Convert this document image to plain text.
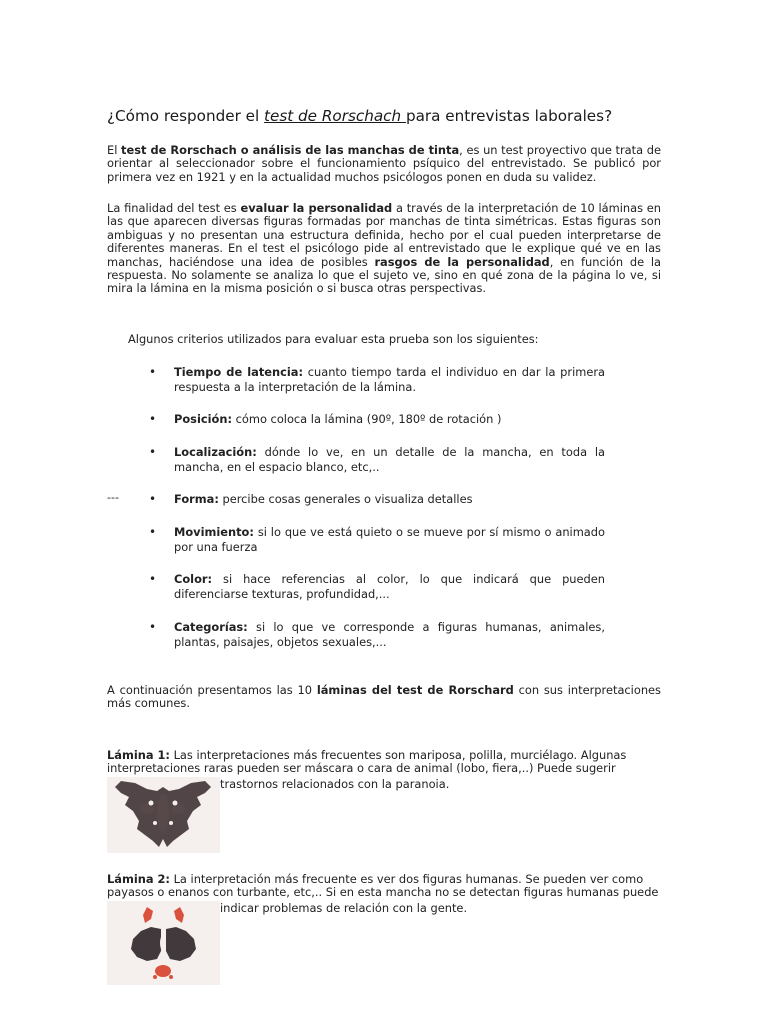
¿Cómo responder el test de Rorschach para entrevistas laborales?

El test de Rorschach o análisis de las manchas de tinta, es un test proyectivo que trata de orientar al seleccionador sobre el funcionamiento psíquico del entrevistado. Se publicó por primera vez en 1921 y en la actualidad muchos psicólogos ponen en duda su validez.

La finalidad del test es evaluar la personalidad a través de la interpretación de 10 láminas en las que aparecen diversas figuras formadas por manchas de tinta simétricas. Estas figuras son ambiguas y no presentan una estructura definida, hecho por el cual pueden interpretarse de diferentes maneras. En el test el psicólogo pide al entrevistado que le explique qué ve en las manchas, haciéndose una idea de posibles rasgos de la personalidad, en función de la respuesta. No solamente se analiza lo que el sujeto ve, sino en qué zona de la página lo ve, si mira la lámina en la misma posición o si busca otras perspectivas.

Algunos criterios utilizados para evaluar esta prueba son los siguientes:
---
• Tiempo de latencia: cuanto tiempo tarda el individuo en dar la primera respuesta a la interpretación de la lámina.
• Posición: cómo coloca la lámina (90º, 180º de rotación )
• Localización: dónde lo ve, en un detalle de la mancha, en toda la mancha, en el espacio blanco, etc,..
• Forma: percibe cosas generales o visualiza detalles
• Movimiento: si lo que ve está quieto o se mueve por sí mismo o animado por una fuerza
• Color: si hace referencias al color, lo que indicará que pueden diferenciarse texturas, profundidad,...
• Categorías: si lo que ve corresponde a figuras humanas, animales, plantas, paisajes, objetos sexuales,...

A continuación presentamos las 10 láminas del test de Rorschard con sus interpretaciones más comunes.

Lámina 1: Las interpretaciones más frecuentes son mariposa, polilla, murciélago. Algunas
interpretaciones raras pueden ser máscara o cara de animal (lobo, fiera,..) Puede sugerir
trastornos relacionados con la paranoia.
Lámina 2: La interpretación más frecuente es ver dos figuras humanas. Se pueden ver como
payasos o enanos con turbante, etc,.. Si en esta mancha no se detectan figuras humanas puede
indicar problemas de relación con la gente.
